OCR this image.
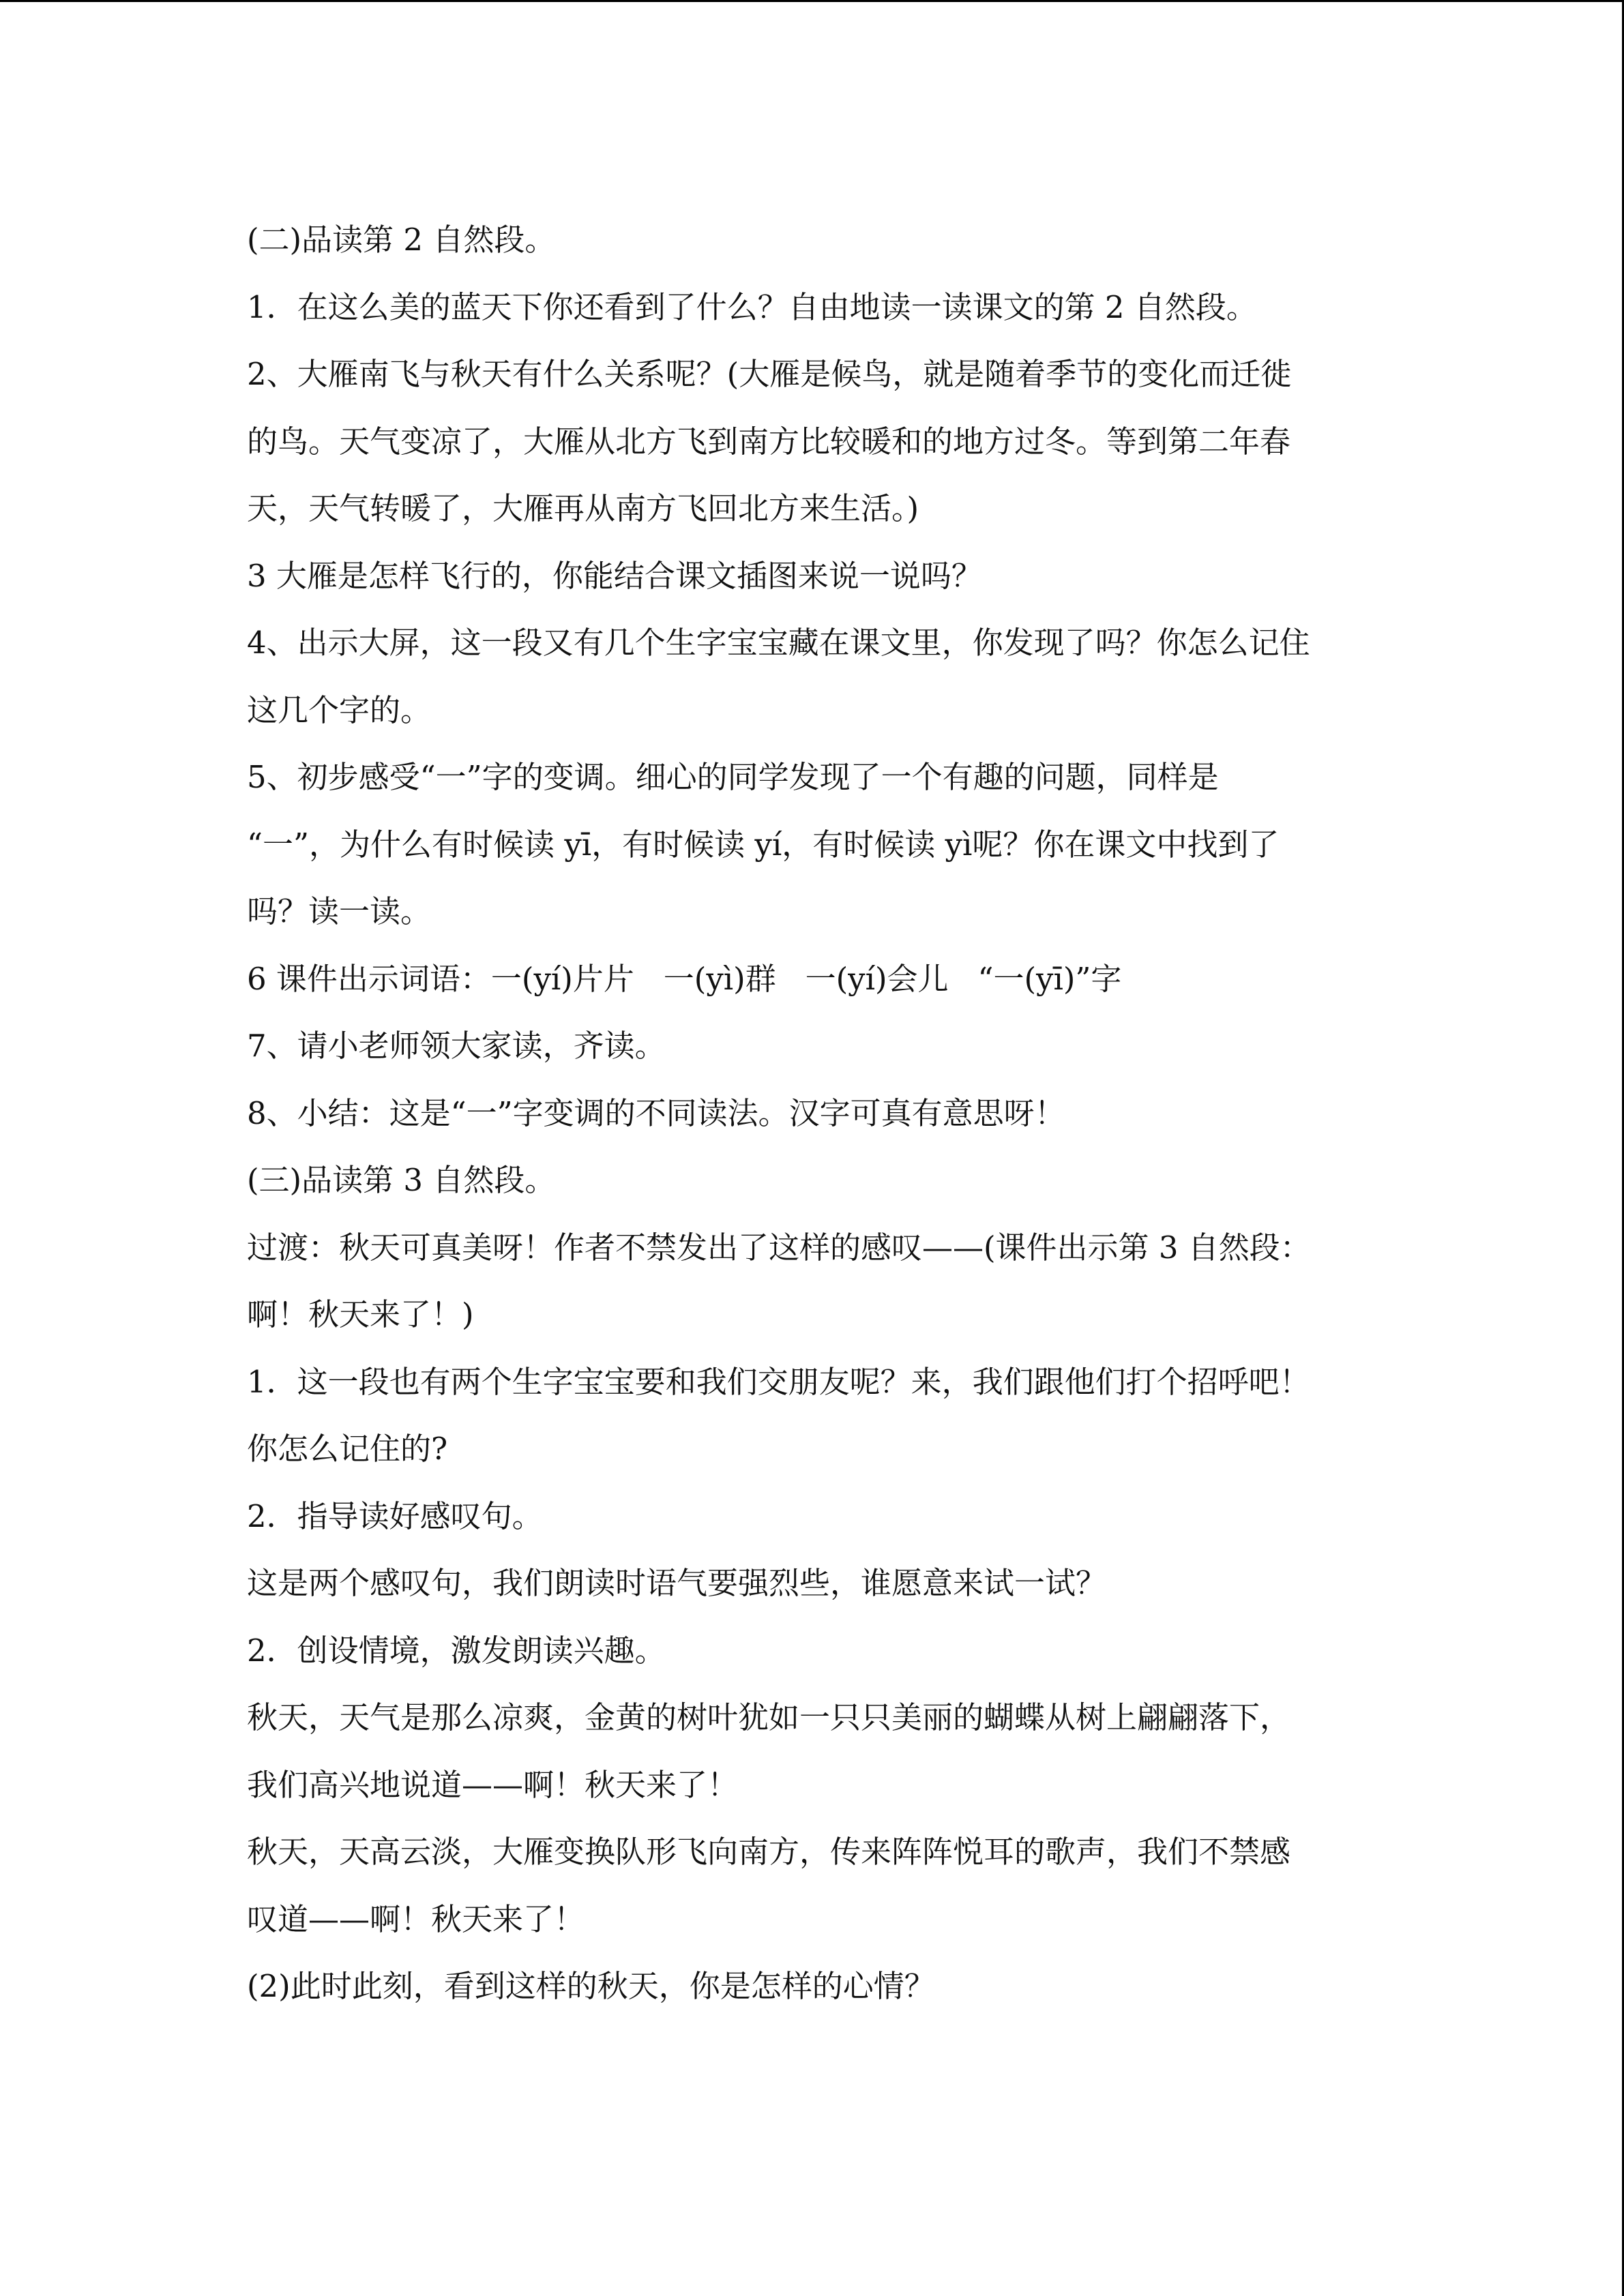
(二)品读第 2 自然段。
1．在这么美的蓝天下你还看到了什么？自由地读一读课文的第 2 自然段。
2、大雁南飞与秋天有什么关系呢？(大雁是候鸟，就是随着季节的变化而迁徙
的鸟。天气变凉了，大雁从北方飞到南方比较暖和的地方过冬。等到第二年春
天，天气转暖了，大雁再从南方飞回北方来生活。)
3 大雁是怎样飞行的，你能结合课文插图来说一说吗？
4、出示大屏，这一段又有几个生字宝宝藏在课文里，你发现了吗？你怎么记住
这几个字的。
5、初步感受“一”字的变调。细心的同学发现了一个有趣的问题，同样是
“一”，为什么有时候读 yī，有时候读 yí，有时候读 yì呢？你在课文中找到了
吗？读一读。
6 课件出示词语：一(yí)片片   一(yì)群   一(yí)会儿   “一(yī)”字
7、请小老师领大家读，齐读。
8、小结：这是“一”字变调的不同读法。汉字可真有意思呀！
(三)品读第 3 自然段。
过渡：秋天可真美呀！作者不禁发出了这样的感叹——(课件出示第 3 自然段：
啊！秋天来了！)
1．这一段也有两个生字宝宝要和我们交朋友呢？来，我们跟他们打个招呼吧！
你怎么记住的?
2．指导读好感叹句。
这是两个感叹句，我们朗读时语气要强烈些，谁愿意来试一试？
2．创设情境，激发朗读兴趣。
秋天，天气是那么凉爽，金黄的树叶犹如一只只美丽的蝴蝶从树上翩翩落下，
我们高兴地说道——啊！秋天来了！
秋天，天高云淡，大雁变换队形飞向南方，传来阵阵悦耳的歌声，我们不禁感
叹道——啊！秋天来了！
(2)此时此刻，看到这样的秋天，你是怎样的心情？
